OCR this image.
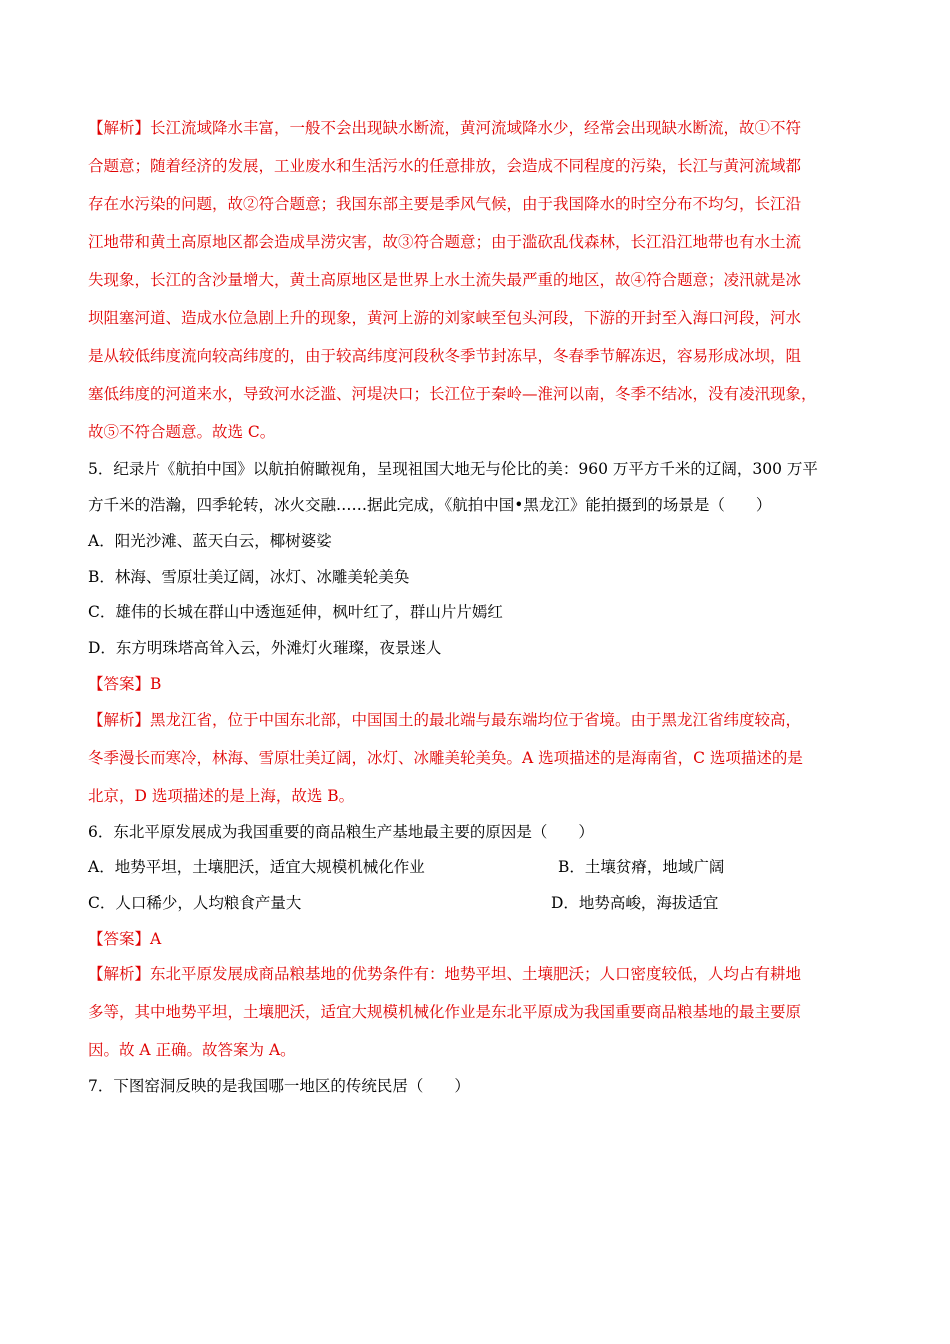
【解析】长江流域降水丰富，一般不会出现缺水断流，黄河流域降水少，经常会出现缺水断流，故①不符
合题意；随着经济的发展，工业废水和生活污水的任意排放，会造成不同程度的污染，长江与黄河流域都
存在水污染的问题，故②符合题意；我国东部主要是季风气候，由于我国降水的时空分布不均匀，长江沿
江地带和黄土高原地区都会造成旱涝灾害，故③符合题意；由于滥砍乱伐森林，长江沿江地带也有水土流
失现象，长江的含沙量增大，黄土高原地区是世界上水土流失最严重的地区，故④符合题意；凌汛就是冰
坝阻塞河道、造成水位急剧上升的现象，黄河上游的刘家峡至包头河段，下游的开封至入海口河段，河水
是从较低纬度流向较高纬度的，由于较高纬度河段秋冬季节封冻早，冬春季节解冻迟，容易形成冰坝，阻
塞低纬度的河道来水，导致河水泛滥、河堤决口；长江位于秦岭—淮河以南，冬季不结冰，没有凌汛现象，
故⑤不符合题意。故选 C。
5．纪录片《航拍中国》以航拍俯瞰视角，呈现祖国大地无与伦比的美：960 万平方千米的辽阔，300 万平
方千米的浩瀚，四季轮转，冰火交融……据此完成，《航拍中国•黑龙江》能拍摄到的场景是（　　）
A．阳光沙滩、蓝天白云，椰树婆娑
B．林海、雪原壮美辽阔，冰灯、冰雕美轮美奂
C．雄伟的长城在群山中透迤延伸，枫叶红了，群山片片嫣红
D．东方明珠塔高耸入云，外滩灯火璀璨，夜景迷人
【答案】B
【解析】黑龙江省，位于中国东北部，中国国土的最北端与最东端均位于省境。由于黑龙江省纬度较高，
冬季漫长而寒冷，林海、雪原壮美辽阔，冰灯、冰雕美轮美奂。A 选项描述的是海南省，C 选项描述的是
北京，D 选项描述的是上海，故选 B。
6．东北平原发展成为我国重要的商品粮生产基地最主要的原因是（　　）
A．地势平坦，土壤肥沃，适宜大规模机械化作业	B．土壤贫瘠，地域广阔
C．人口稀少，人均粮食产量大	D．地势高峻，海拔适宜
【答案】A
【解析】东北平原发展成商品粮基地的优势条件有：地势平坦、土壤肥沃；人口密度较低，人均占有耕地
多等，其中地势平坦，土壤肥沃，适宜大规模机械化作业是东北平原成为我国重要商品粮基地的最主要原
因。故 A 正确。故答案为 A。
7．下图窑洞反映的是我国哪一地区的传统民居（　　）
